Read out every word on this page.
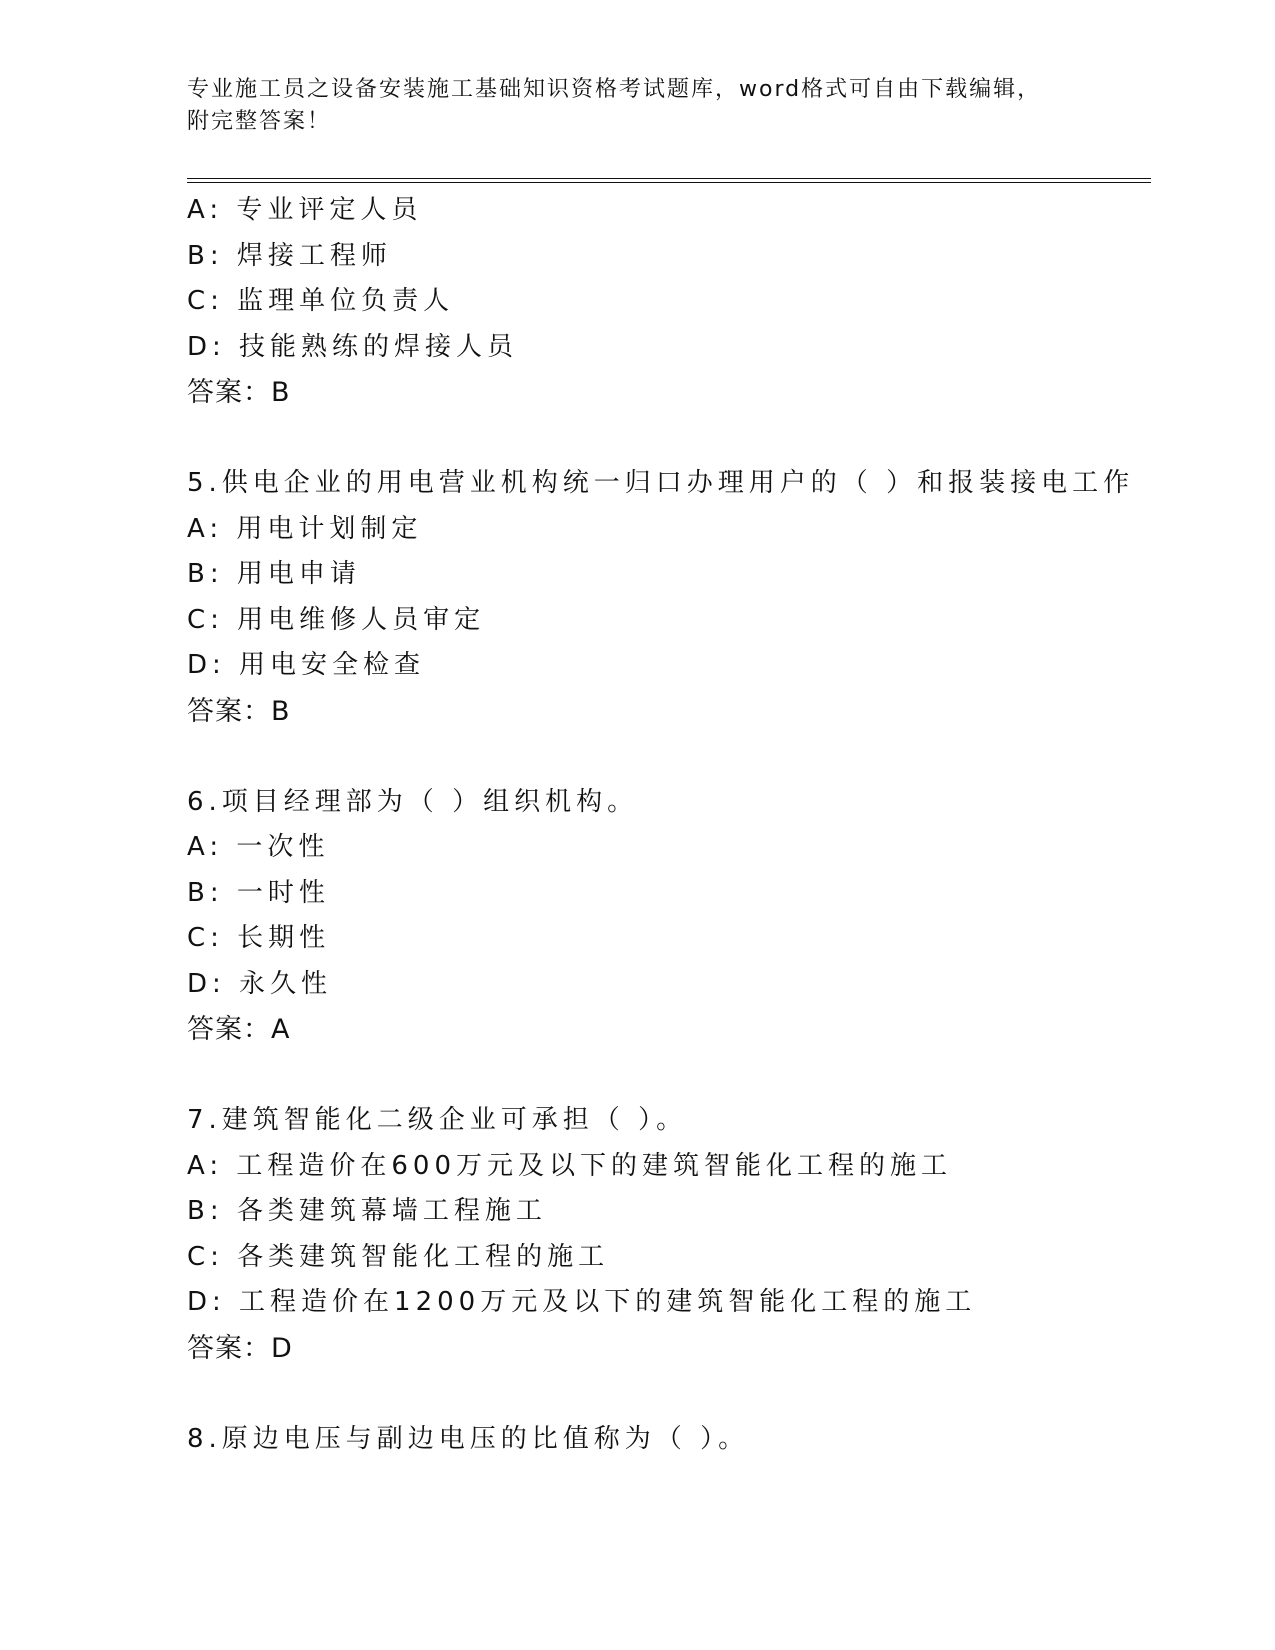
专业施工员之设备安装施工基础知识资格考试题库，word格式可自由下载编辑，
附完整答案！
A: 专业评定人员
B: 焊接工程师
C: 监理单位负责人
D: 技能熟练的焊接人员
答案：B
5.供电企业的用电营业机构统一归口办理用户的（ ）和报装接电工作
A: 用电计划制定
B: 用电申请
C: 用电维修人员审定
D: 用电安全检查
答案：B
6.项目经理部为（ ）组织机构。
A: 一次性
B: 一时性
C: 长期性
D: 永久性
答案：A
7.建筑智能化二级企业可承担（ ）。
A: 工程造价在600万元及以下的建筑智能化工程的施工
B: 各类建筑幕墙工程施工
C: 各类建筑智能化工程的施工
D: 工程造价在1200万元及以下的建筑智能化工程的施工
答案：D
8.原边电压与副边电压的比值称为（ ）。
